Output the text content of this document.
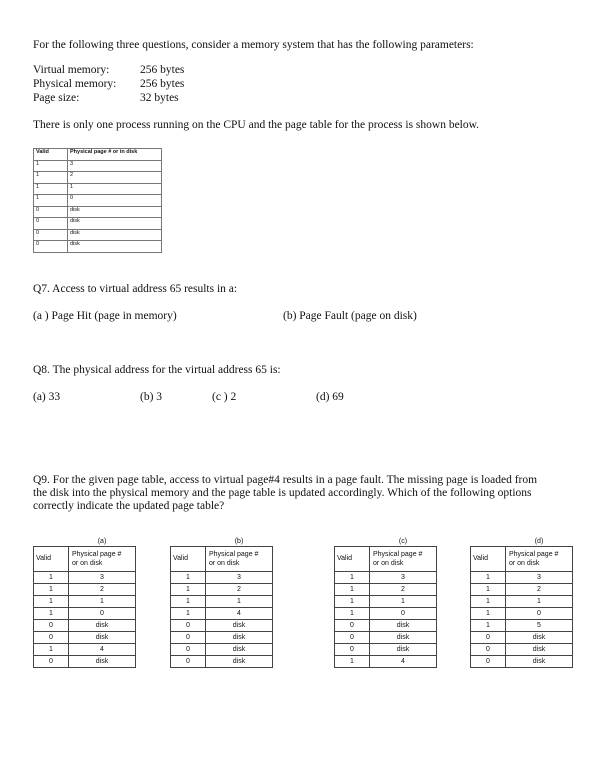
For the following three questions, consider a memory system that has the following parameters:
Virtual memory:	256 bytes
Physical memory: 256 bytes
Page size:	32 bytes
There is only one process running on the CPU and the page table for the process is shown below.
Valid	Physical page # or in disk
1	3
1	2
1	1
1	0
0	disk
0	disk
0	disk
0	disk
Q7. Access to virtual address 65 results in a:
(a ) Page Hit (page in memory)	(b) Page Fault (page on disk)
Q8. The physical address for the virtual address 65 is:
(a) 33	(b) 3	(c ) 2	(d) 69
Q9. For the given page table, access to virtual page#4 results in a page fault. The missing page is loaded from
the disk into the physical memory and the page table is updated accordingly. Which of the following options
correctly indicate the updated page table?
	(a)
Valid	Physical page #
or on disk
1	3
1	2
1	1
1	0
0	disk
0	disk
1	4
0	disk
	(b)
Valid	Physical page #
or on disk
1	3
1	2
1	1
1	4
0	disk
0	disk
0	disk
0	disk
	(c)
Valid	Physical page #
or on disk
1	3
1	2
1	1
1	0
0	disk
0	disk
0	disk
1	4
	(d)
Valid	Physical page #
or on disk
1	3
1	2
1	1
1	0
1	5
0	disk
0	disk
0	disk
